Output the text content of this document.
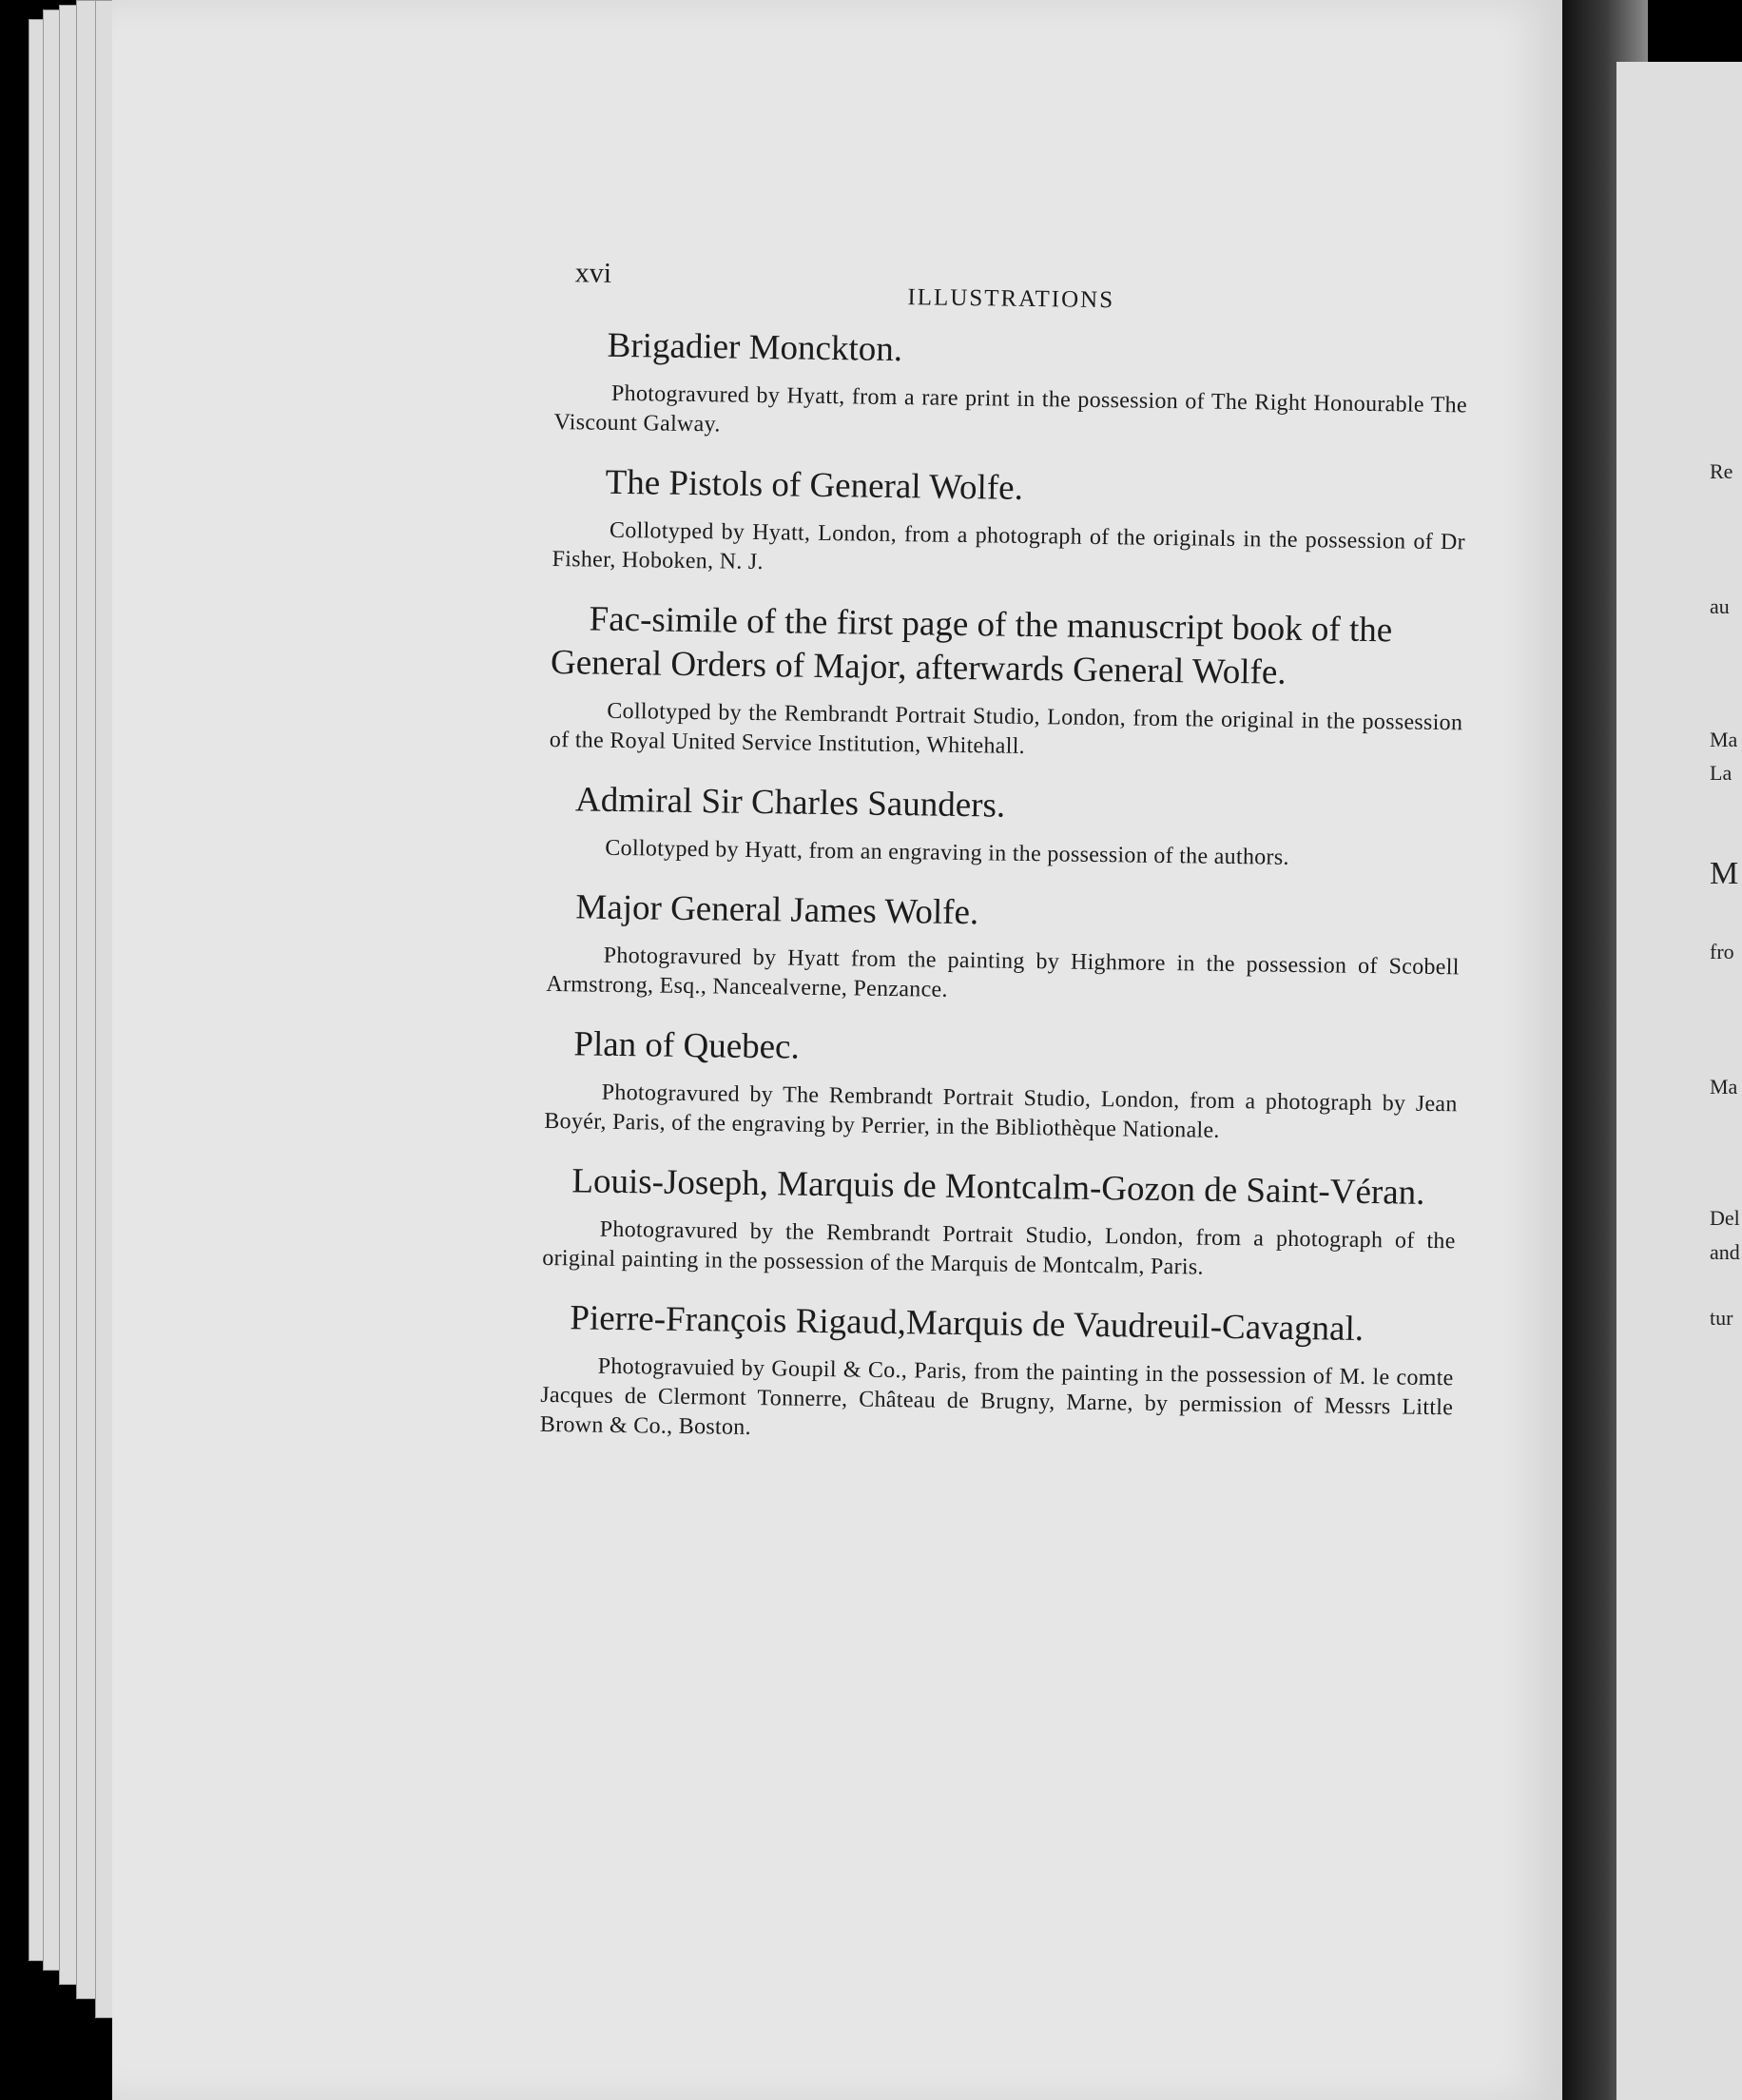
Re
au
Ma
La
M
fro
Ma
Del
and
tur
xvi
ILLUSTRATIONS

Brigadier Monckton.

Photogravured by Hyatt, from a rare print in the possession of The Right Honourable The Viscount Galway.

The Pistols of General Wolfe.

Collotyped by Hyatt, London, from a photograph of the originals in the possession of Dr Fisher, Hoboken, N. J.

Fac-simile of the first page of the manuscript book of the General Orders of Major, afterwards General Wolfe.

Collotyped by the Rembrandt Portrait Studio, London, from the original in the possession of the Royal United Service Institution, Whitehall.

Admiral Sir Charles Saunders.

Collotyped by Hyatt, from an engraving in the possession of the authors.

Major General James Wolfe.

Photogravured by Hyatt from the painting by Highmore in the possession of Scobell Armstrong, Esq., Nancealverne, Penzance.

Plan of Quebec.

Photogravured by The Rembrandt Portrait Studio, London, from a photograph by Jean Boyér, Paris, of the engraving by Perrier, in the Bibliothèque Nationale.

Louis-Joseph, Marquis de Montcalm-Gozon de Saint-Véran.

Photogravured by the Rembrandt Portrait Studio, London, from a photograph of the original painting in the possession of the Marquis de Montcalm, Paris.

Pierre-François Rigaud,Marquis de Vaudreuil-Cavagnal.

Photogravuied by Goupil & Co., Paris, from the painting in the possession of M. le comte Jacques de Clermont Tonnerre, Château de Brugny, Marne, by permission of Messrs Little Brown & Co., Boston.
